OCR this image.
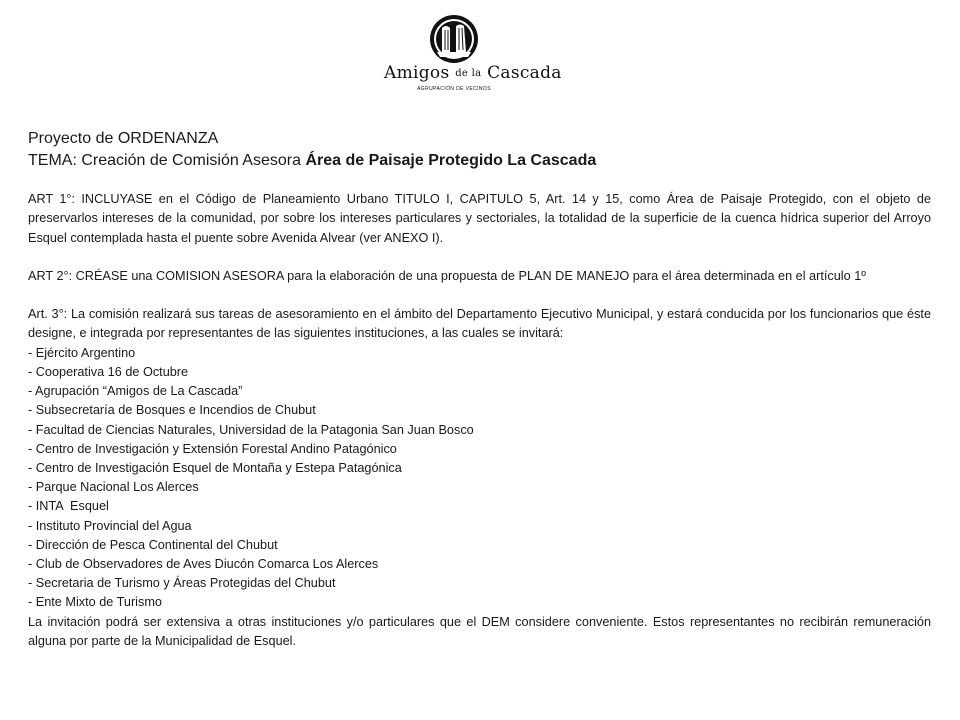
Amigos de la Cascada
AGRUPACIÓN DE VECINOS
Proyecto de ORDENANZA
TEMA: Creación de Comisión Asesora Área de Paisaje Protegido La Cascada

ART 1°: INCLUYASE en el Código de Planeamiento Urbano TITULO I, CAPITULO 5, Art. 14 y 15, como Área de Paisaje Protegido, con el objeto de preservarlos intereses de la comunidad, por sobre los intereses particulares y sectoriales, la totalidad de la superficie de la cuenca hídrica superior del Arroyo Esquel contemplada hasta el puente sobre Avenida Alvear (ver ANEXO I).

ART 2°: CRÉASE una COMISION ASESORA para la elaboración de una propuesta de PLAN DE MANEJO para el área determinada en el artículo 1º

Art. 3°: La comisión realizará sus tareas de asesoramiento en el ámbito del Departamento Ejecutivo Municipal, y estará conducida por los funcionarios que éste designe, e integrada por representantes de las siguientes instituciones, a las cuales se invitará:

- Ejército Argentino
- Cooperativa 16 de Octubre
- Agrupación “Amigos de La Cascada”
- Subsecretaría de Bosques e Incendios de Chubut
- Facultad de Ciencias Naturales, Universidad de la Patagonia San Juan Bosco
- Centro de Investigación y Extensión Forestal Andino Patagónico
- Centro de Investigación Esquel de Montaña y Estepa Patagónica
- Parque Nacional Los Alerces
- INTA  Esquel
- Instituto Provincial del Agua
- Dirección de Pesca Continental del Chubut
- Club de Observadores de Aves Diucón Comarca Los Alerces
- Secretaria de Turismo y Áreas Protegidas del Chubut
- Ente Mixto de Turismo

La invitación podrá ser extensiva a otras instituciones y/o particulares que el DEM considere conveniente. Estos representantes no recibirán remuneración alguna por parte de la Municipalidad de Esquel.
